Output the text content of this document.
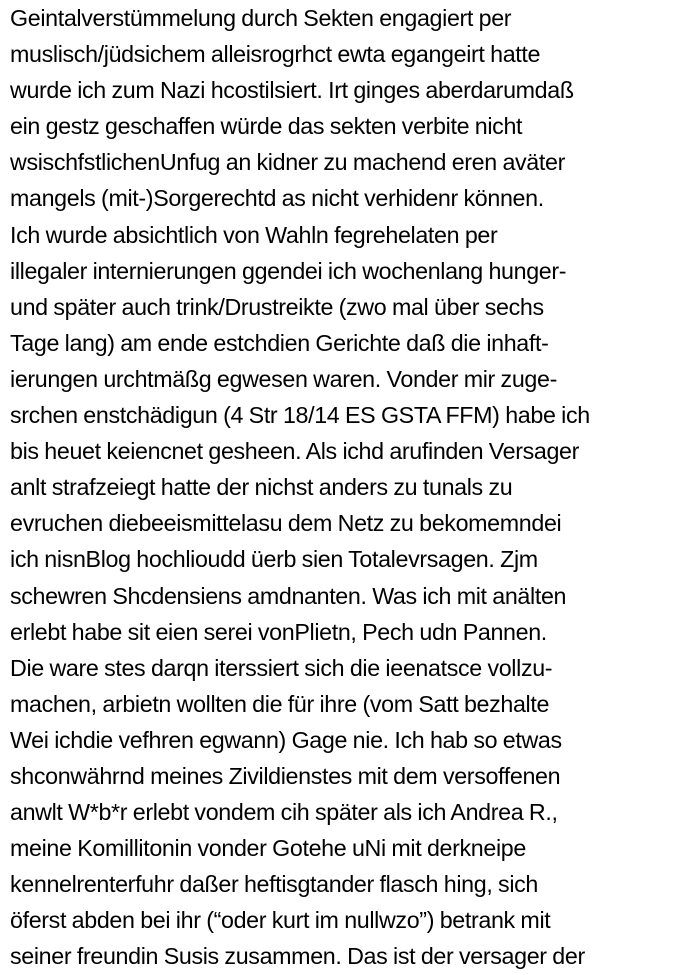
Geintalverstümmelung durch Sekten engagiert per
muslisch/jüdsichem alleisrogrhct ewta egangeirt hatte
wurde ich zum Nazi hcostilsiert. Irt ginges aberdarumdaß
ein gestz geschaffen würde das sekten verbite nicht
wsischfstlichenUnfug an kidner zu machend eren aväter
mangels (mit-)Sorgerechtd as nicht verhidenr können.
Ich wurde absichtlich von Wahln fegrehelaten per
illegaler internierungen ggendei ich wochenlang hunger-
und später auch trink/Drustreikte (zwo mal über sechs
Tage lang) am ende estchdien Gerichte daß die inhaft-
ierungen urchtmäßg egwesen waren. Vonder mir zuge-
srchen enstchädigun (4 Str 18/14 ES GSTA FFM) habe ich
bis heuet keiencnet gesheen. Als ichd arufinden Versager
anlt strafzeiegt hatte der nichst anders zu tunals zu
evruchen diebeeismittelasu dem Netz zu bekomemndei
ich nisnBlog hochlioudd üerb sien Totalevrsagen. Zjm
schewren Shcdensiens amdnanten. Was ich mit anälten
erlebt habe sit eien serei vonPlietn, Pech udn Pannen.
Die ware stes darqn iterssiert sich die ieenatsce vollzu-
machen, arbietn wollten die für ihre (vom Satt bezhalte
Wei ichdie vefhren egwann) Gage nie. Ich hab so etwas
shconwährnd meines Zivildienstes mit dem versoffenen
anwlt W*b*r erlebt vondem cih später als ich Andrea R.,
meine Komillitonin vonder Gotehe uNi mit derkneipe
kennelrenterfuhr daßer heftisgtander flasch hing, sich
öferst abden bei ihr (“oder kurt im nullwzo”) betrank mit
seiner freundin Susis zusammen. Das ist der versager der
